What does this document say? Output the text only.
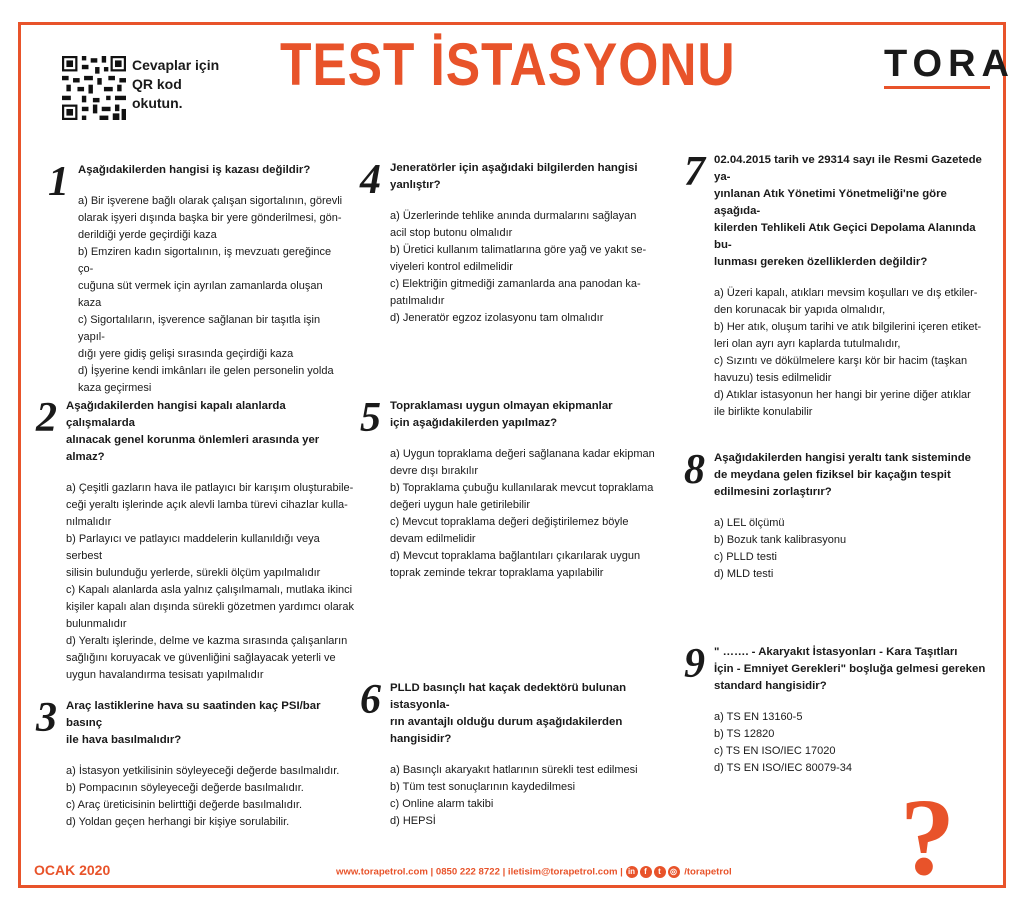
Cevaplar için
QR kod
okutun.
TEST İSTASYONU	TORA
1 Aşağıdakilerden hangisi iş kazası değildir?
a) Bir işverene bağlı olarak çalışan sigortalının, görevli
olarak işyeri dışında başka bir yere gönderilmesi, gön-
derildiği yerde geçirdiği kaza
b) Emziren kadın sigortalının, iş mevzuatı gereğince ço-
cuğuna süt vermek için ayrılan zamanlarda oluşan kaza
c) Sigortalıların, işverence sağlanan bir taşıtla işin yapıl-
dığı yere gidiş gelişi sırasında geçirdiği kaza
d) İşyerine kendi imkânları ile gelen personelin yolda
kaza geçirmesi
2 Aşağıdakilerden hangisi kapalı alanlarda çalışmalarda
alınacak genel korunma önlemleri arasında yer almaz?
a) Çeşitli gazların hava ile patlayıcı bir karışım oluşturabile-
ceği yeraltı işlerinde açık alevli lamba türevi cihazlar kulla-
nılmalıdır
b) Parlayıcı ve patlayıcı maddelerin kullanıldığı veya serbest
silisin bulunduğu yerlerde, sürekli ölçüm yapılmalıdır
c) Kapalı alanlarda asla yalnız çalışılmamalı, mutlaka ikinci
kişiler kapalı alan dışında sürekli gözetmen yardımcı olarak
bulunmalıdır
d) Yeraltı işlerinde, delme ve kazma sırasında çalışanların
sağlığını koruyacak ve güvenliğini sağlayacak yeterli ve
uygun havalandırma tesisatı yapılmalıdır
3 Araç lastiklerine hava su saatinden kaç PSI/bar basınç
ile hava basılmalıdır?
a) İstasyon yetkilisinin söyleyeceği değerde basılmalıdır.
b) Pompacının söyleyeceği değerde basılmalıdır.
c) Araç üreticisinin belirttiği değerde basılmalıdır.
d) Yoldan geçen herhangi bir kişiye sorulabilir.
4 Jeneratörler için aşağıdaki bilgilerden hangisi
yanlıştır?
a) Üzerlerinde tehlike anında durmalarını sağlayan
acil stop butonu olmalıdır
b) Üretici kullanım talimatlarına göre yağ ve yakıt se-
viyeleri kontrol edilmelidir
c) Elektriğin gitmediği zamanlarda ana panodan ka-
patılmalıdır
d) Jeneratör egzoz izolasyonu tam olmalıdır
5 Topraklaması uygun olmayan ekipmanlar
için aşağıdakilerden yapılmaz?
a) Uygun topraklama değeri sağlanana kadar ekipman
devre dışı bırakılır
b) Topraklama çubuğu kullanılarak mevcut topraklama
değeri uygun hale getirilebilir
c) Mevcut topraklama değeri değiştirilemez böyle
devam edilmelidir
d) Mevcut topraklama bağlantıları çıkarılarak uygun
toprak zeminde tekrar topraklama yapılabilir
6 PLLD basınçlı hat kaçak dedektörü bulunan istasyonla-
rın avantajlı olduğu durum aşağıdakilerden hangisidir?
a) Basınçlı akaryakıt hatlarının sürekli test edilmesi
b) Tüm test sonuçlarının kaydedilmesi
c) Online alarm takibi
d) HEPSİ
7 02.04.2015 tarih ve 29314 sayı ile Resmi Gazetede ya-
yınlanan Atık Yönetimi Yönetmeliği'ne göre aşağıda-
kilerden Tehlikeli Atık Geçici Depolama Alanında bu-
lunması gereken özelliklerden değildir?
a) Üzeri kapalı, atıkları mevsim koşulları ve dış etkiler-
den korunacak bir yapıda olmalıdır,
b) Her atık, oluşum tarihi ve atık bilgilerini içeren etiket-
leri olan ayrı ayrı kaplarda tutulmalıdır,
c) Sızıntı ve dökülmelere karşı kör bir hacim (taşkan
havuzu) tesis edilmelidir
d) Atıklar istasyonun her hangi bir yerine diğer atıklar
ile birlikte konulabilir
8 Aşağıdakilerden hangisi yeraltı tank sisteminde
de meydana gelen fiziksel bir kaçağın tespit
edilmesini zorlaştırır?
a) LEL ölçümü
b) Bozuk tank kalibrasyonu
c) PLLD testi
d) MLD testi
9 " ……. - Akaryakıt İstasyonları - Kara Taşıtları
İçin - Emniyet Gerekleri" boşluğa gelmesi gereken
standard hangisidir?
a) TS EN 13160-5
b) TS 12820
c) TS EN ISO/IEC 17020
d) TS EN ISO/IEC 80079-34
?
OCAK 2020	www.torapetrol.com | 0850 222 8722 | iletisim@torapetrol.com | in f t ◎ /torapetrol
